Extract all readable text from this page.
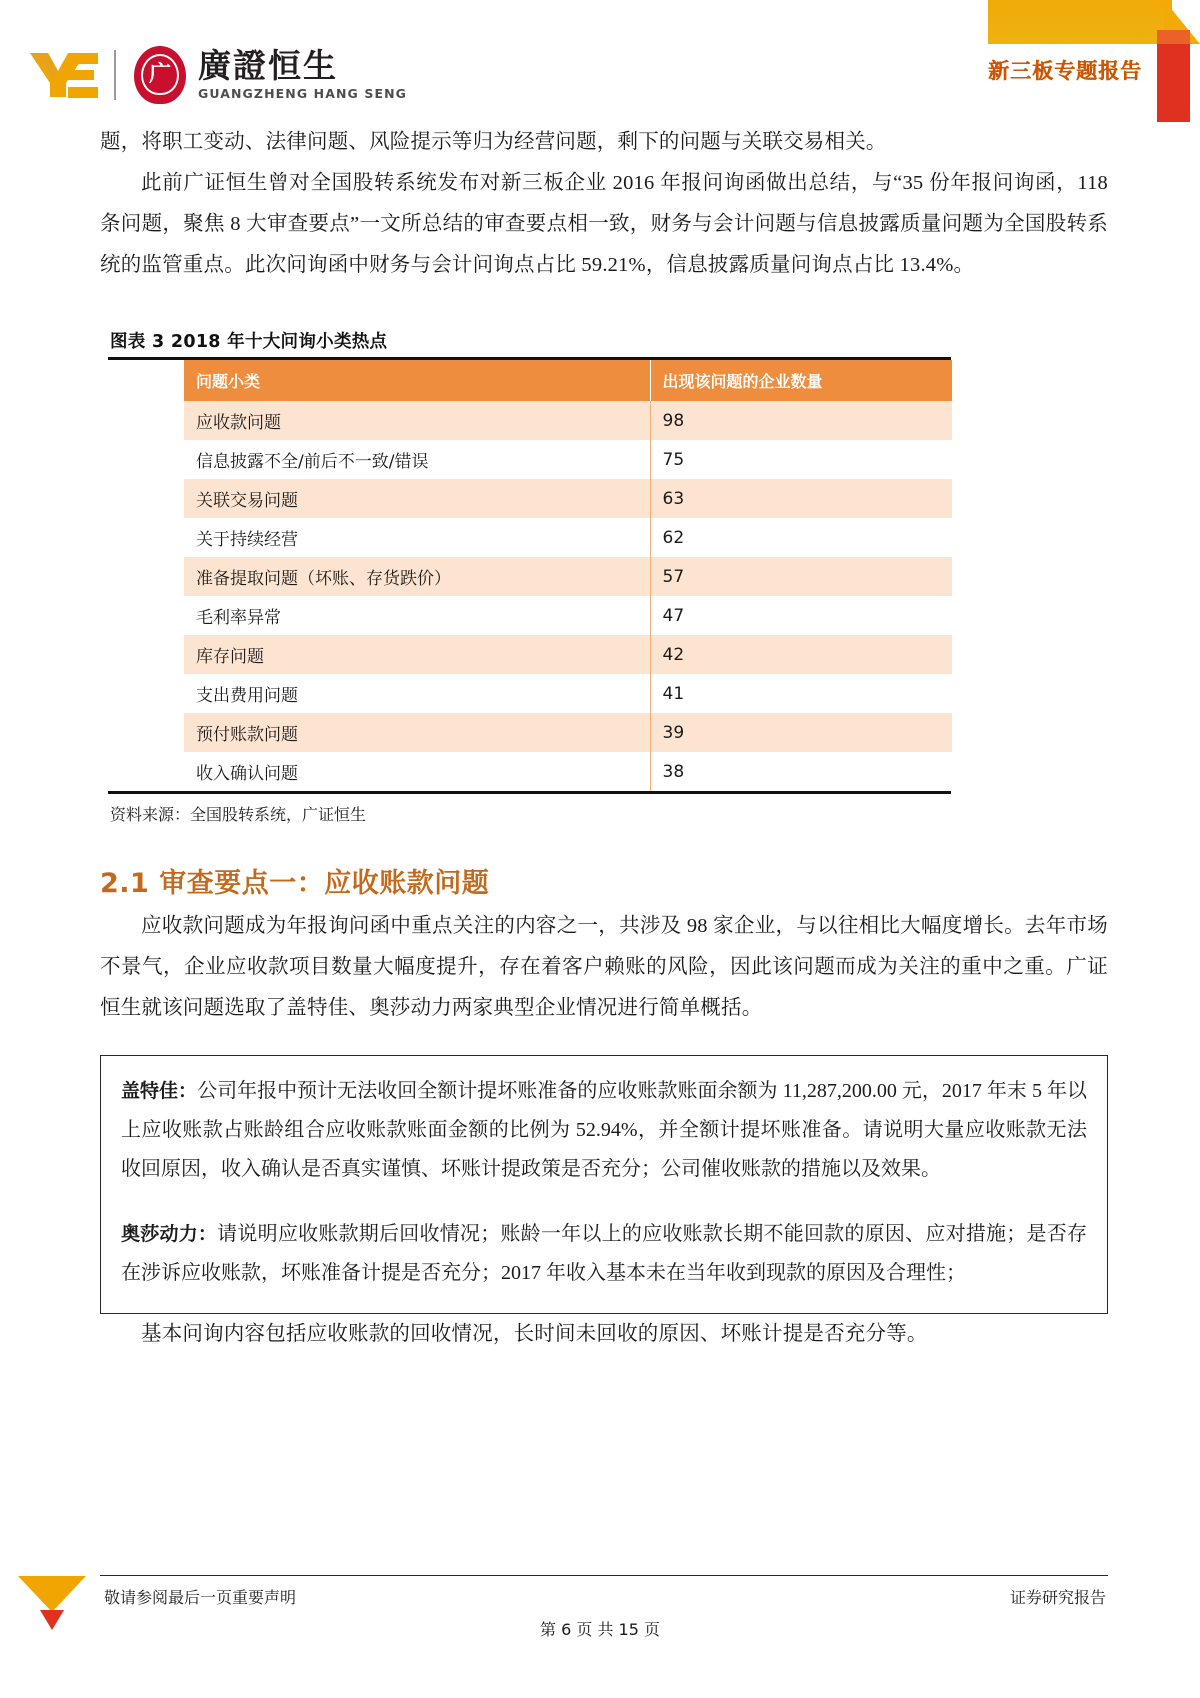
新三板专题报告
广 廣證恒生
GUANGZHENG HANG SENG

题，将职工变动、法律问题、风险提示等归为经营问题，剩下的问题与关联交易相关。

此前广证恒生曾对全国股转系统发布对新三板企业 2016 年报问询函做出总结，与“35 份年报问询函，118 条问题，聚焦 8 大审查要点”一文所总结的审查要点相一致，财务与会计问题与信息披露质量问题为全国股转系统的监管重点。此次问询函中财务与会计问询点占比 59.21%，信息披露质量问询点占比 13.4%。

图表 3 2018 年十大问询小类热点
问题小类	出现该问题的企业数量
应收款问题	98
信息披露不全/前后不一致/错误	75
关联交易问题	63
关于持续经营	62
准备提取问题（坏账、存货跌价）	57
毛利率异常	47
库存问题	42
支出费用问题	41
预付账款问题	39
收入确认问题	38
资料来源：全国股转系统，广证恒生
2.1 审查要点一：应收账款问题

应收款问题成为年报询问函中重点关注的内容之一，共涉及 98 家企业，与以往相比大幅度增长。去年市场不景气，企业应收款项目数量大幅度提升，存在着客户赖账的风险，因此该问题而成为关注的重中之重。广证恒生就该问题选取了盖特佳、奥莎动力两家典型企业情况进行简单概括。

盖特佳：公司年报中预计无法收回全额计提坏账准备的应收账款账面余额为 11,287,200.00 元，2017 年末 5 年以上应收账款占账龄组合应收账款账面金额的比例为 52.94%，并全额计提坏账准备。请说明大量应收账款无法收回原因，收入确认是否真实谨慎、坏账计提政策是否充分；公司催收账款的措施以及效果。

奥莎动力：请说明应收账款期后回收情况；账龄一年以上的应收账款长期不能回款的原因、应对措施；是否存在涉诉应收账款，坏账准备计提是否充分；2017 年收入基本未在当年收到现款的原因及合理性；

基本问询内容包括应收账款的回收情况，长时间未回收的原因、坏账计提是否充分等。

敬请参阅最后一页重要声明	证券研究报告
第 6 页 共 15 页
